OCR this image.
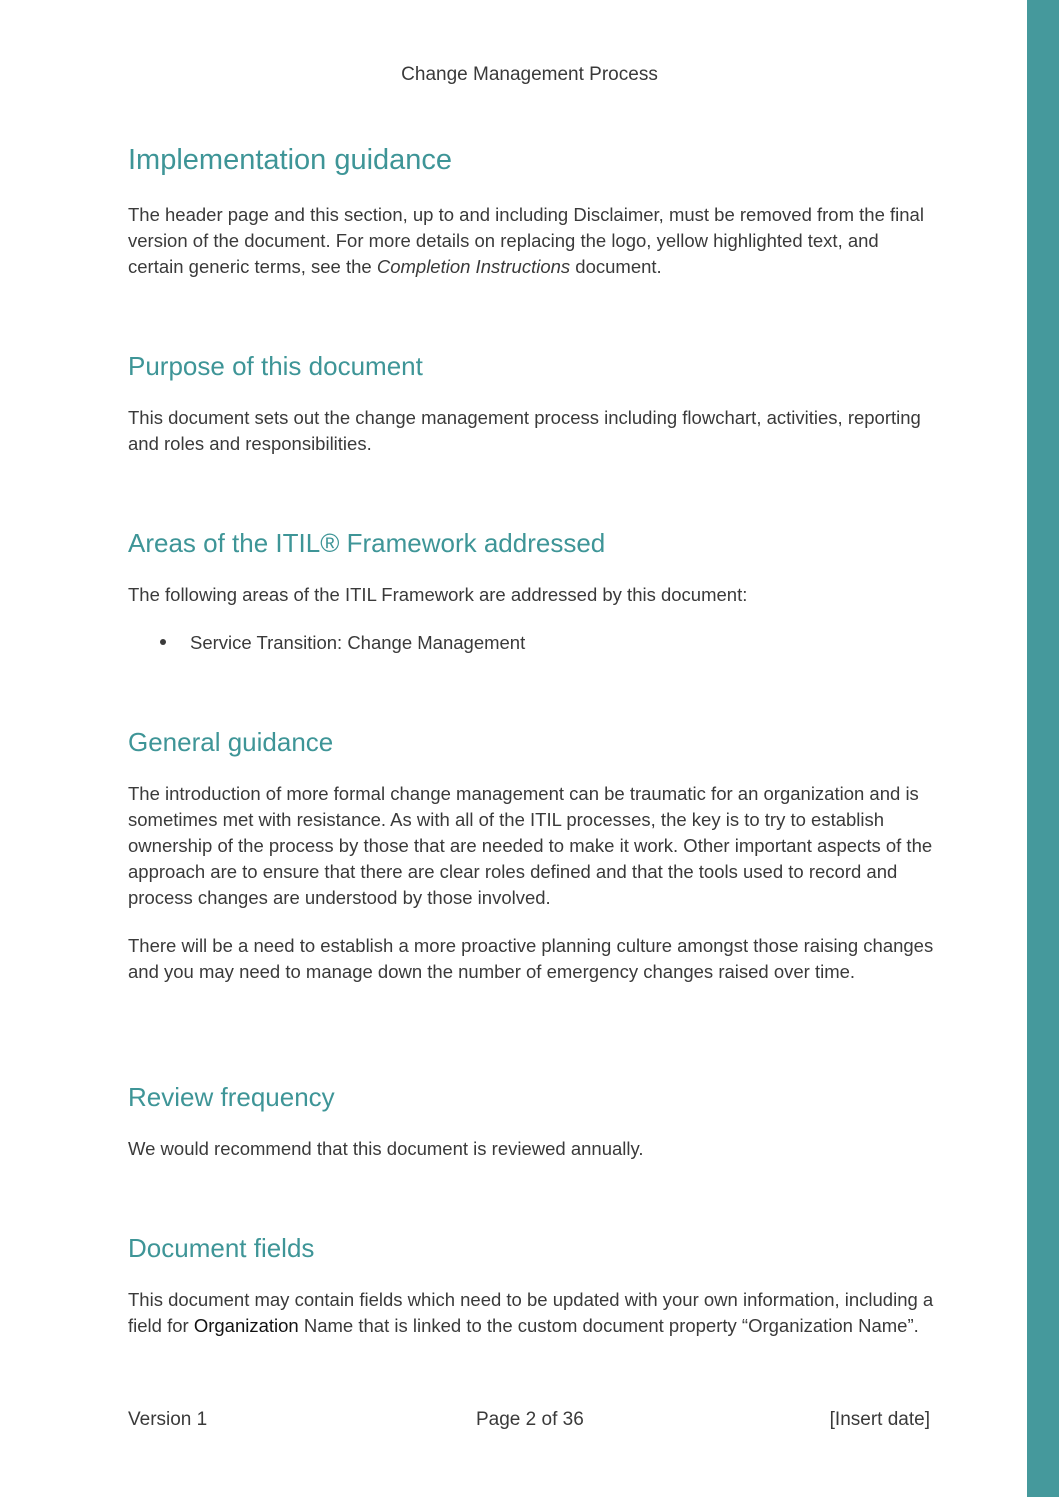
Change Management Process
Implementation guidance

The header page and this section, up to and including Disclaimer, must be removed from the final version of the document. For more details on replacing the logo, yellow highlighted text, and certain generic terms, see the Completion Instructions document.

Purpose of this document

This document sets out the change management process including flowchart, activities, reporting and roles and responsibilities.

Areas of the ITIL® Framework addressed

The following areas of the ITIL Framework are addressed by this document:

Service Transition: Change Management
General guidance

The introduction of more formal change management can be traumatic for an organization and is sometimes met with resistance. As with all of the ITIL processes, the key is to try to establish ownership of the process by those that are needed to make it work. Other important aspects of the approach are to ensure that there are clear roles defined and that the tools used to record and process changes are understood by those involved.

There will be a need to establish a more proactive planning culture amongst those raising changes and you may need to manage down the number of emergency changes raised over time.

Review frequency

We would recommend that this document is reviewed annually.

Document fields

This document may contain fields which need to be updated with your own information, including a field for Organization Name that is linked to the custom document property “Organization Name”.

Version 1	Page 2 of 36	[Insert date]
